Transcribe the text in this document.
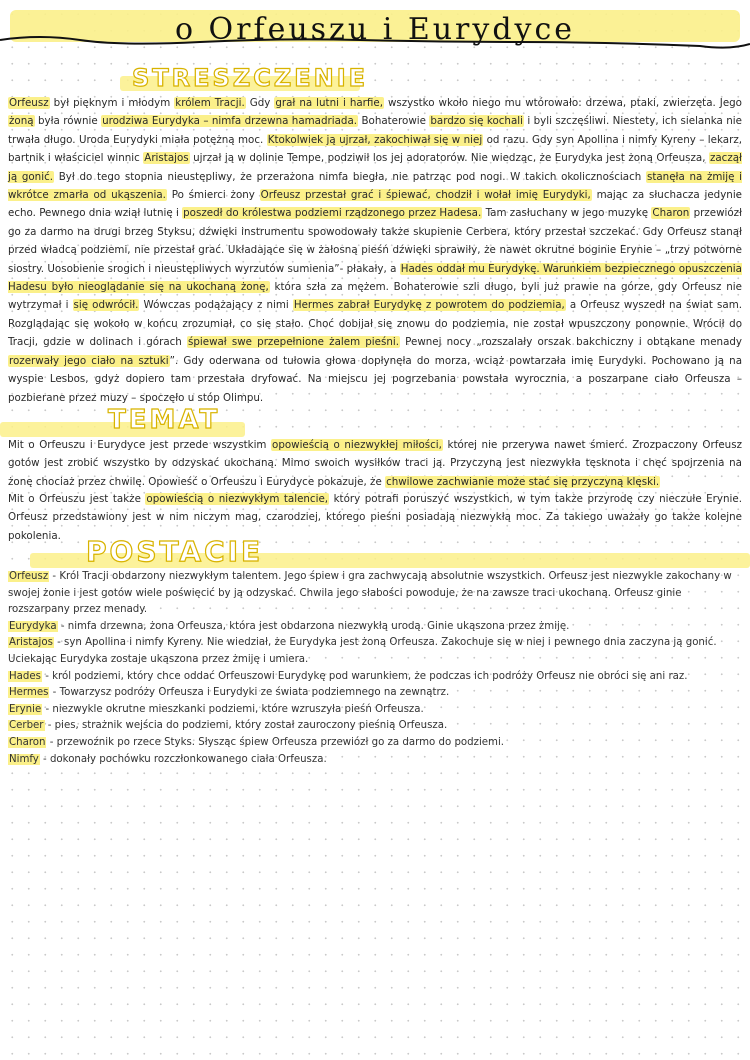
o Orfeuszu i Eurydyce
STRESZCZENIE

Orfeusz był pięknym i młodym królem Tracji. Gdy grał na lutni i harfie, wszystko wkoło niego mu wtórowało: drzewa, ptaki, zwierzęta. Jego żoną była równie urodziwa Eurydyka – nimfa drzewna hamadriada. Bohaterowie bardzo się kochali i byli szczęśliwi. Niestety, ich sielanka nie trwała długo. Uroda Eurydyki miała potężną moc. Ktokolwiek ją ujrzał, zakochiwał się w niej od razu. Gdy syn Apollina i nimfy Kyreny – lekarz, bartnik i właściciel winnic Aristajos ujrzał ją w dolinie Tempe, podziwił los jej adoratorów. Nie wiedząc, że Eurydyka jest żoną Orfeusza, zaczął ją gonić. Był do tego stopnia nieustępliwy, że przerażona nimfa biegła, nie patrząc pod nogi. W takich okolicznościach stanęła na żmiję i wkrótce zmarła od ukąszenia. Po śmierci żony Orfeusz przestał grać i śpiewać, chodził i wołał imię Eurydyki, mając za słuchacza jedynie echo. Pewnego dnia wziął lutnię i poszedł do królestwa podziemi rządzonego przez Hadesa. Tam zasłuchany w jego muzykę Charon przewiózł go za darmo na drugi brzeg Styksu, dźwięki instrumentu spowodowały także skupienie Cerbera, który przestał szczekać. Gdy Orfeusz stanął przed władcą podziemi, nie przestał grać. Układające się w żałosną pieśń dźwięki sprawiły, że nawet okrutne boginie Erynie – „trzy potworne siostry. Uosobienie srogich i nieustępliwych wyrzutów sumienia”- płakały, a Hades oddał mu Eurydykę. Warunkiem bezpiecznego opuszczenia Hadesu było nieoglądanie się na ukochaną żonę, która szła za mężem. Bohaterowie szli długo, byli już prawie na górze, gdy Orfeusz nie wytrzymał i się odwrócił. Wówczas podążający z nimi Hermes zabrał Eurydykę z powrotem do podziemia, a Orfeusz wyszedł na świat sam. Rozglądając się wokoło w końcu zrozumiał, co się stało. Choć dobijał się znowu do podziemia, nie został wpuszczony ponownie. Wrócił do Tracji, gdzie w dolinach i górach śpiewał swe przepełnione żalem pieśni. Pewnej nocy „rozszalały orszak bakchiczny i obtąkane menady rozerwały jego ciało na sztuki”. Gdy oderwana od tułowia głowa dopłynęła do morza, wciąż powtarzała imię Eurydyki. Pochowano ją na wyspie Lesbos, gdyż dopiero tam przestała dryfować. Na miejscu jej pogrzebania powstała wyrocznia, a poszarpane ciało Orfeusza – pozbierane przez muzy – spoczęło u stóp Olimpu.

TEMAT

Mit o Orfeuszu i Eurydyce jest przede wszystkim opowieścią o niezwykłej miłości, której nie przerywa nawet śmierć. Zrozpaczony Orfeusz gotów jest zrobić wszystko by odzyskać ukochaną. Mimo swoich wysiłków traci ją. Przyczyną jest niezwykła tęsknota i chęć spojrzenia na żonę chociaż przez chwilę. Opowieść o Orfeuszu i Eurydyce pokazuje, że chwilowe zachwianie może stać się przyczyną klęski.

Mit o Orfeuszu jest także opowieścią o niezwykłym talencie, który potrafi poruszyć wszystkich, w tym także przyrodę czy nieczułe Erynie. Orfeusz przedstawiony jest w nim niczym mag, czarodziej, którego pieśni posiadają niezwykłą moc. Za takiego uważały go także kolejne pokolenia. POSTACIE
Orfeusz - Król Tracji obdarzony niezwykłym talentem. Jego śpiew i gra zachwycają absolutnie wszystkich. Orfeusz jest niezwykle zakochany w swojej żonie i jest gotów wiele poświęcić by ją odzyskać. Chwila jego słabości powoduje, że na zawsze traci ukochaną. Orfeusz ginie rozszarpany przez menady.
Eurydyka - nimfa drzewna, żona Orfeusza, która jest obdarzona niezwykłą urodą. Ginie ukąszona przez żmiję.
Aristajos - syn Apollina i nimfy Kyreny. Nie wiedział, że Eurydyka jest żoną Orfeusza. Zakochuje się w niej i pewnego dnia zaczyna ją gonić. Uciekając Eurydyka zostaje ukąszona przez żmiję i umiera.
Hades - król podziemi, który chce oddać Orfeuszowi Eurydykę pod warunkiem, że podczas ich podróży Orfeusz nie obróci się ani raz.
Hermes - Towarzysz podróży Orfeusza i Eurydyki ze świata podziemnego na zewnątrz.
Erynie - niezwykle okrutne mieszkanki podziemi, które wzruszyła pieśń Orfeusza.
Cerber - pies, strażnik wejścia do podziemi, który został zauroczony pieśnią Orfeusza.
Charon - przewoźnik po rzece Styks. Słysząc śpiew Orfeusza przewiózł go za darmo do podziemi.
Nimfy - dokonały pochówku rozczłonkowanego ciała Orfeusza.
